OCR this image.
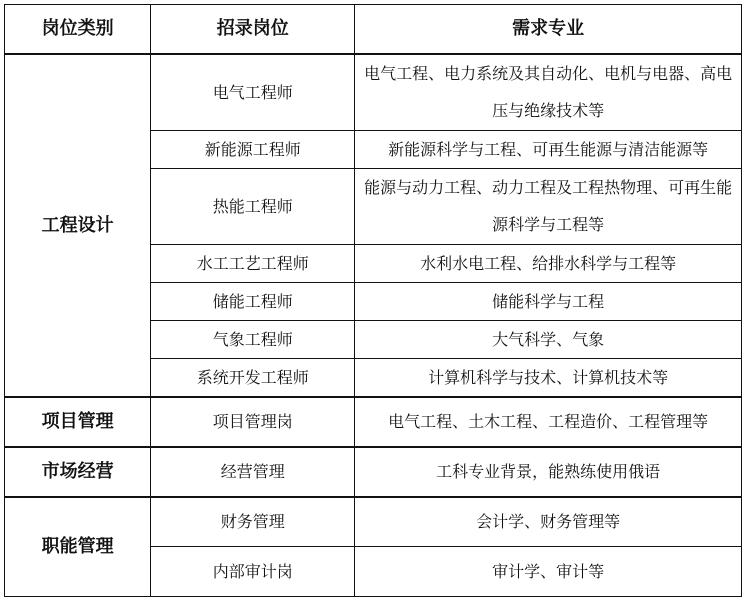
岗位类别	招录岗位	需求专业
工程设计	电气工程师	电气工程、电力系统及其自动化、电机与电器、高电压与绝缘技术等
	新能源工程师	新能源科学与工程、可再生能源与清洁能源等
	热能工程师	能源与动力工程、动力工程及工程热物理、可再生能源科学与工程等
	水工工艺工程师	水利水电工程、给排水科学与工程等
	储能工程师	储能科学与工程
	气象工程师	大气科学、气象
	系统开发工程师	计算机科学与技术、计算机技术等
项目管理	项目管理岗	电气工程、土木工程、工程造价、工程管理等
市场经营	经营管理	工科专业背景，能熟练使用俄语
职能管理	财务管理	会计学、财务管理等
	内部审计岗	审计学、审计等
